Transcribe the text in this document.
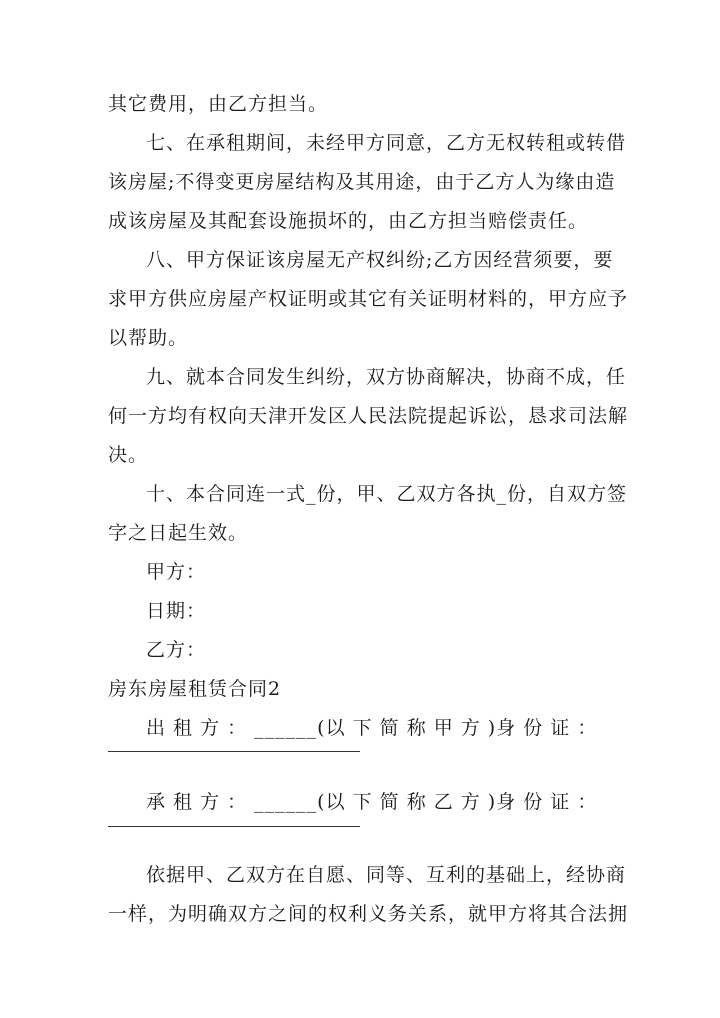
其它费用，由乙方担当。
七、在承租期间，未经甲方同意，乙方无权转租或转借
该房屋;不得变更房屋结构及其用途，由于乙方人为缘由造
成该房屋及其配套设施损坏的，由乙方担当赔偿责任。
八、甲方保证该房屋无产权纠纷;乙方因经营须要，要
求甲方供应房屋产权证明或其它有关证明材料的，甲方应予
以帮助。
九、就本合同发生纠纷，双方协商解决，协商不成，任
何一方均有权向天津开发区人民法院提起诉讼，恳求司法解
决。
十、本合同连一式_份，甲、乙双方各执_份，自双方签
字之日起生效。
甲方：
日期：
乙方：
房东房屋租赁合同2
出 租 方 ： ______(以 下 简 称 甲 方 )身 份 证 ：
承 租 方 ： ______(以 下 简 称 乙 方 )身 份 证 ：
依据甲、乙双方在自愿、同等、互利的基础上，经协商
一样，为明确双方之间的权利义务关系，就甲方将其合法拥
